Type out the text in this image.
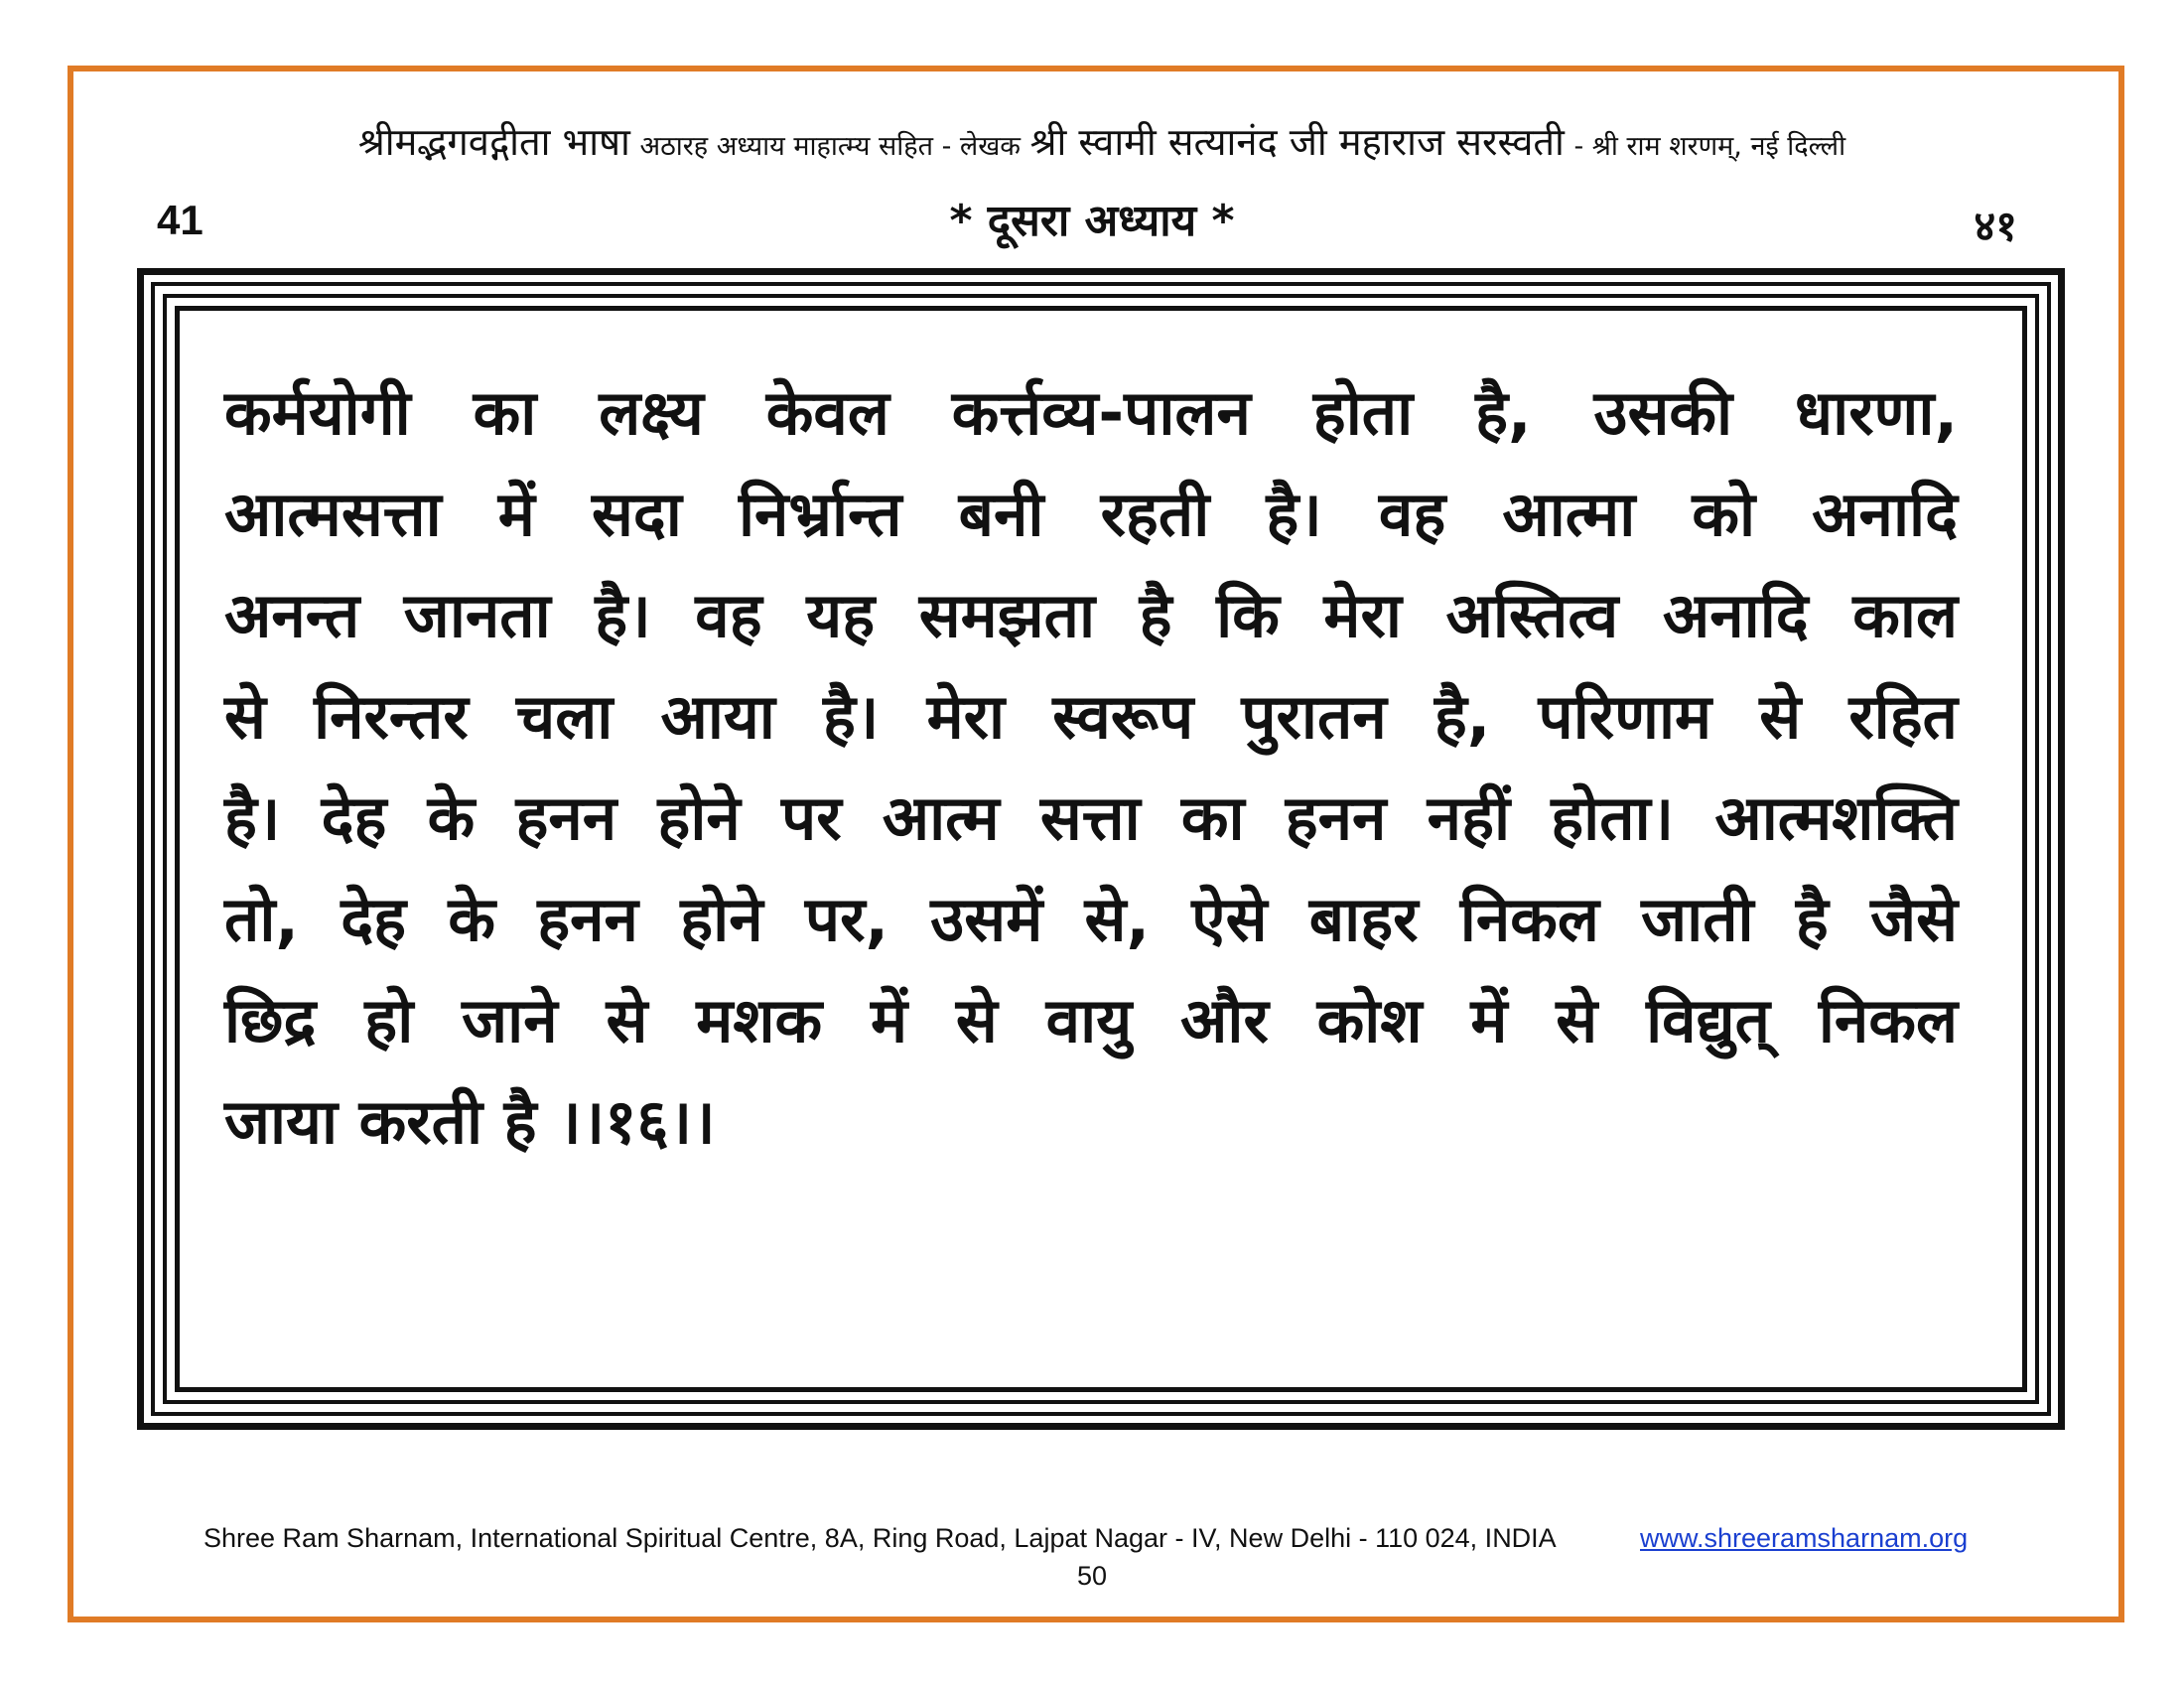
श्रीमद्भगवद्गीता भाषा अठारह अध्याय माहात्म्य सहित - लेखक श्री स्वामी सत्यानंद जी महाराज सरस्वती - श्री राम शरणम्, नई दिल्ली
41	* दूसरा अध्याय *	४१
कर्मयोगी का लक्ष्य केवल कर्त्तव्य-पालन होता है, उसकी धारणा,
आत्मसत्ता में सदा निर्भ्रान्त बनी रहती है। वह आत्मा को अनादि
अनन्त जानता है। वह यह समझता है कि मेरा अस्तित्व अनादि काल
से निरन्तर चला आया है। मेरा स्वरूप पुरातन है, परिणाम से रहित
है। देह के हनन होने पर आत्म सत्ता का हनन नहीं होता। आत्मशक्ति
तो, देह के हनन होने पर, उसमें से, ऐसे बाहर निकल जाती है जैसे
छिद्र हो जाने से मशक में से वायु और कोश में से विद्युत् निकल
जाया करती है ।।१६।।
Shree Ram Sharnam, International Spiritual Centre, 8A, Ring Road, Lajpat Nagar - IV, New Delhi - 110 024, INDIA	www.shreeramsharnam.org
50
